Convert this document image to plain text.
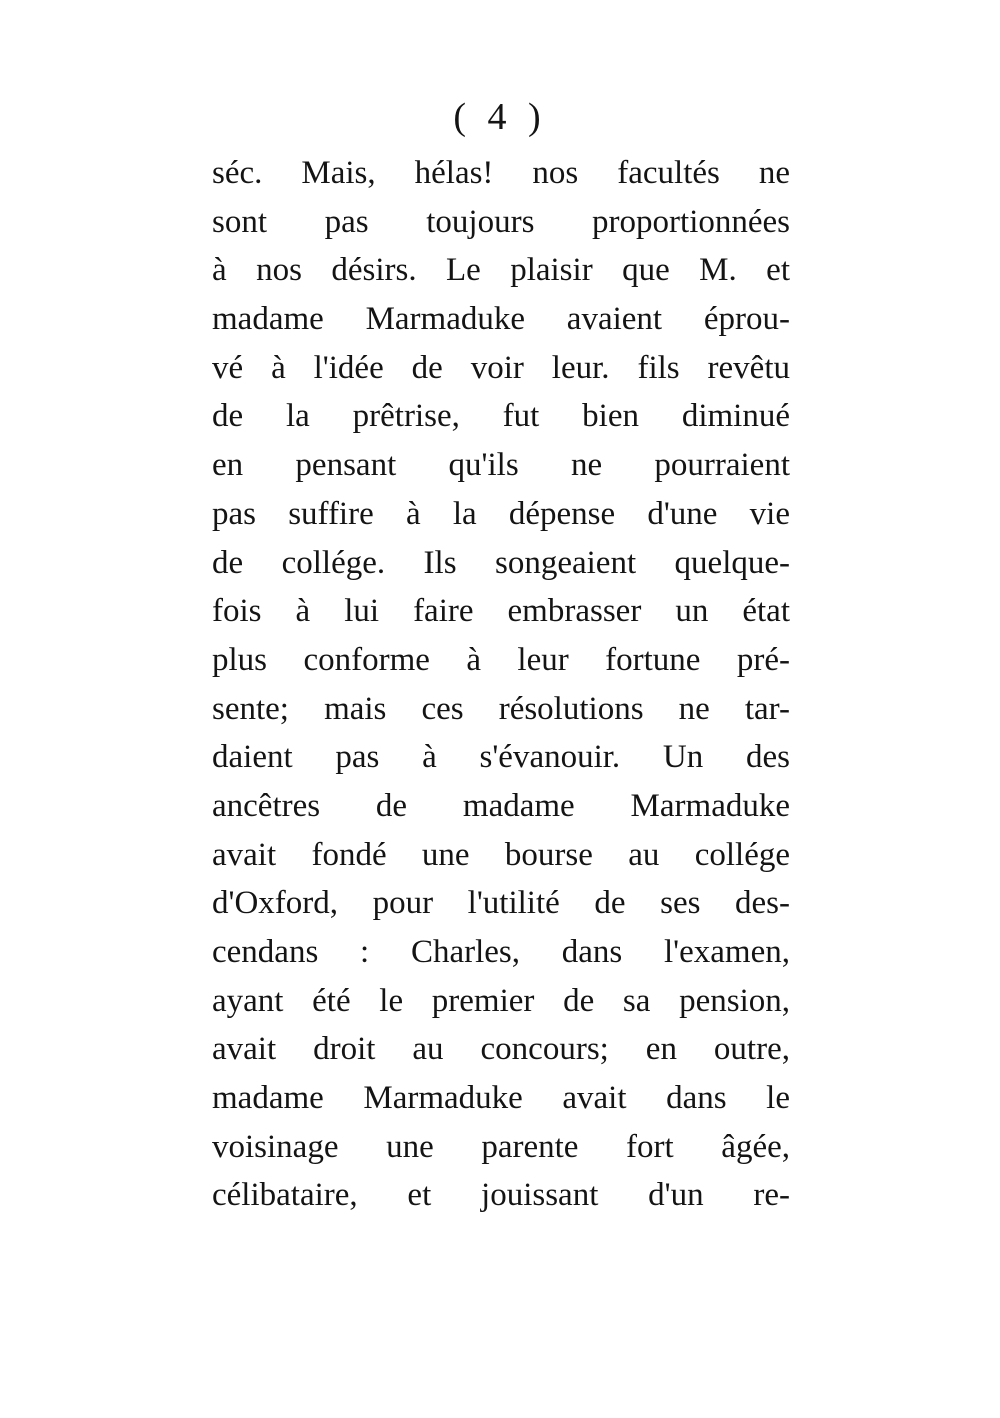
( 4 )
séc. Mais, hélas! nos facultés ne
sont pas toujours proportionnées
à nos désirs. Le plaisir que M. et
madame Marmaduke avaient éprou-
vé à l'idée de voir leur. fils revêtu
de la prêtrise, fut bien diminué
en pensant qu'ils ne pourraient
pas suffire à la dépense d'une vie
de collége. Ils songeaient quelque-
fois à lui faire embrasser un état
plus conforme à leur fortune pré-
sente; mais ces résolutions ne tar-
daient pas à s'évanouir. Un des
ancêtres de madame Marmaduke
avait fondé une bourse au collége
d'Oxford, pour l'utilité de ses des-
cendans : Charles, dans l'examen,
ayant été le premier de sa pension,
avait droit au concours; en outre,
madame Marmaduke avait dans le
voisinage une parente fort âgée,
célibataire, et jouissant d'un re-
